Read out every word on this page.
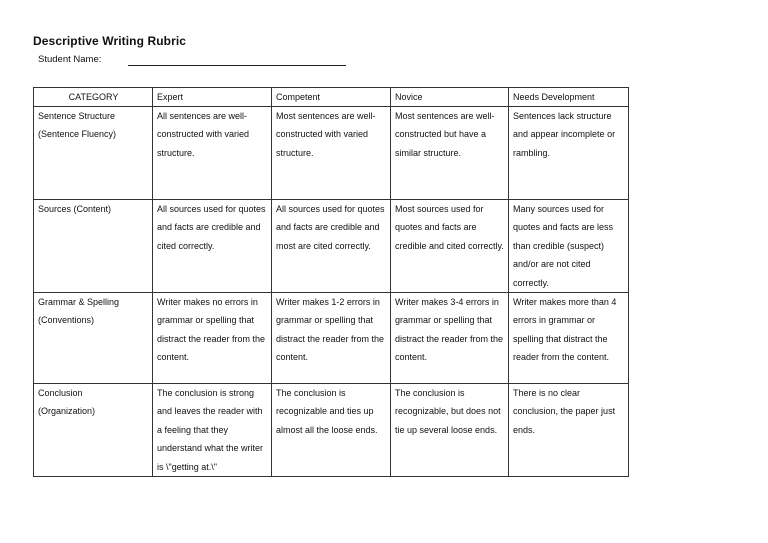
Descriptive Writing Rubric
Student Name:
CATEGORY	Expert	Competent	Novice	Needs Development

Sentence Structure
(Sentence Fluency)	All sentences are well-constructed with varied structure.	Most sentences are well-constructed with varied structure.	Most sentences are well-constructed but have a similar structure.	Sentences lack structure and appear incomplete or rambling.

Sources (Content)	All sources used for quotes and facts are credible and cited correctly.	All sources used for quotes and facts are credible and most are cited correctly.	Most sources used for quotes and facts are credible and cited correctly.	Many sources used for quotes and facts are less than credible (suspect) and/or are not cited correctly.

Grammar & Spelling
(Conventions)	Writer makes no errors in grammar or spelling that distract the reader from the content.	Writer makes 1-2 errors in grammar or spelling that distract the reader from the content.	Writer makes 3-4 errors in grammar or spelling that distract the reader from the content.	Writer makes more than 4 errors in grammar or spelling that distract the reader from the content.

Conclusion
(Organization)	The conclusion is strong and leaves the reader with a feeling that they understand what the writer is \"getting at.\"	The conclusion is recognizable and ties up almost all the loose ends.	The conclusion is recognizable, but does not tie up several loose ends.	There is no clear conclusion, the paper just ends.
